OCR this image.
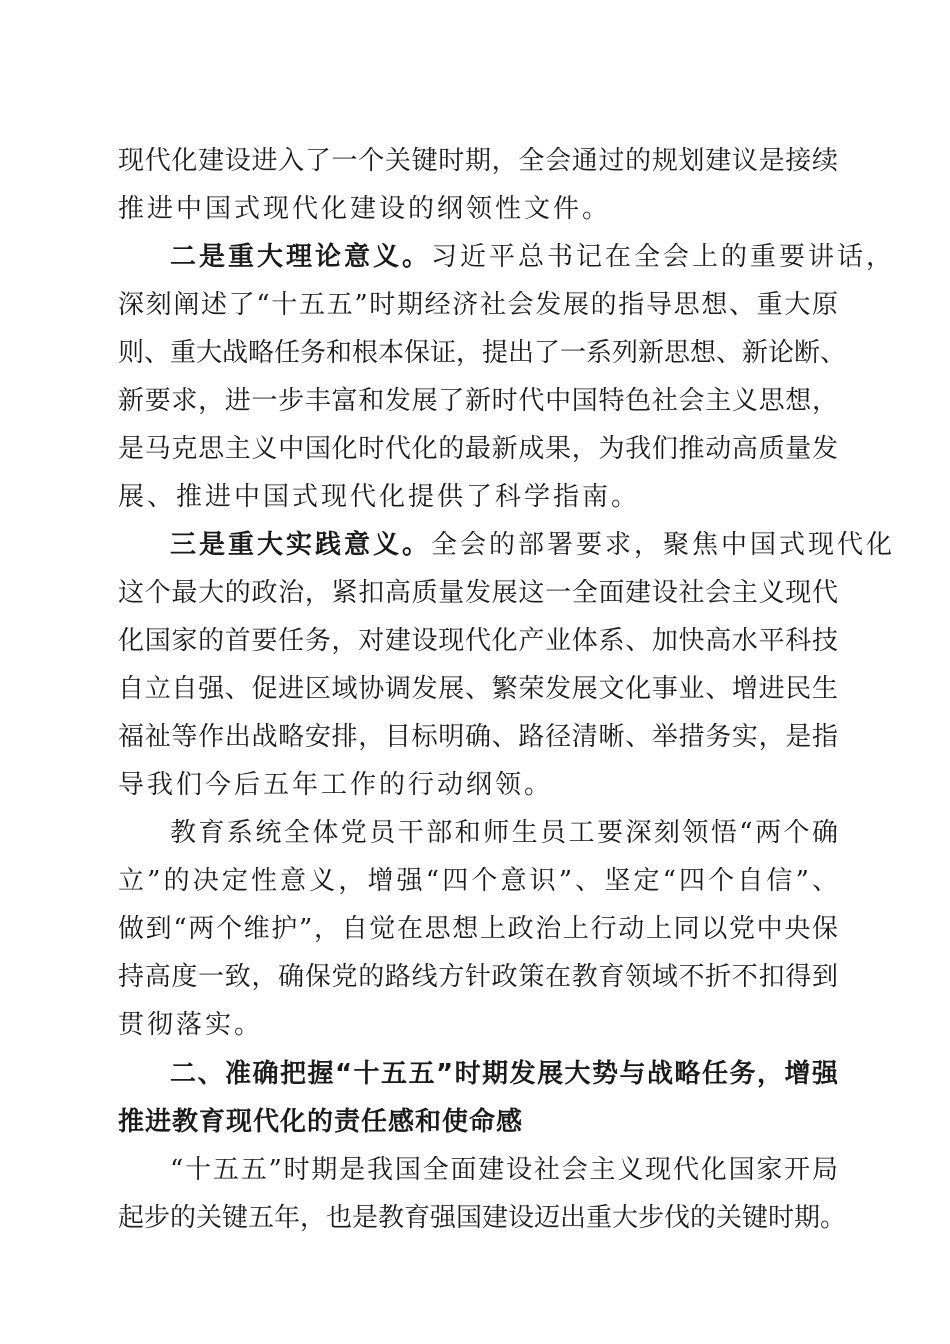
现代化建设进入了一个关键时期，全会通过的规划建议是接续
推进中国式现代化建设的纲领性文件。
二是重大理论意义。习近平总书记在全会上的重要讲话，
深刻阐述了“十五五”时期经济社会发展的指导思想、重大原
则、重大战略任务和根本保证，提出了一系列新思想、新论断、
新要求，进一步丰富和发展了新时代中国特色社会主义思想，
是马克思主义中国化时代化的最新成果，为我们推动高质量发
展、推进中国式现代化提供了科学指南。
三是重大实践意义。全会的部署要求，聚焦中国式现代化
这个最大的政治，紧扣高质量发展这一全面建设社会主义现代
化国家的首要任务，对建设现代化产业体系、加快高水平科技
自立自强、促进区域协调发展、繁荣发展文化事业、增进民生
福祉等作出战略安排，目标明确、路径清晰、举措务实，是指
导我们今后五年工作的行动纲领。
教育系统全体党员干部和师生员工要深刻领悟“两个确
立”的决定性意义，增强“四个意识”、坚定“四个自信”、
做到“两个维护”，自觉在思想上政治上行动上同以党中央保
持高度一致，确保党的路线方针政策在教育领域不折不扣得到
贯彻落实。
二、准确把握“十五五”时期发展大势与战略任务，增强
推进教育现代化的责任感和使命感
“十五五”时期是我国全面建设社会主义现代化国家开局
起步的关键五年，也是教育强国建设迈出重大步伐的关键时期。
